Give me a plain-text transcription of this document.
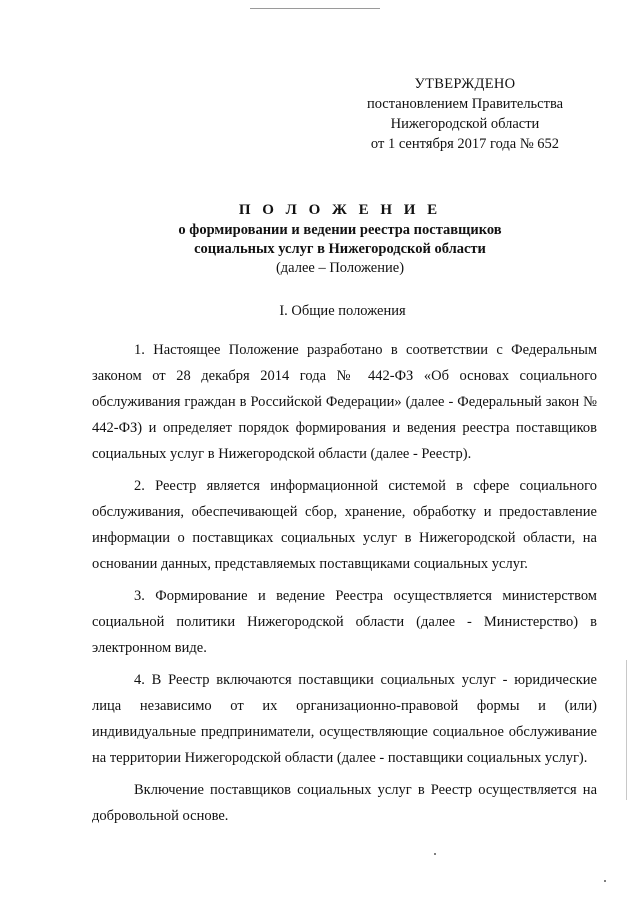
УТВЕРЖДЕНО
постановлением Правительства
Нижегородской области
от 1 сентября 2017 года № 652
П О Л О Ж Е Н И Е
о формировании и ведении реестра поставщиков
социальных услуг в Нижегородской области
(далее – Положение)
I. Общие положения

1. Настоящее Положение разработано в соответствии с Федеральным законом от 28 декабря 2014 года № 442-ФЗ «Об основах социального обслуживания граждан в Российской Федерации» (далее - Федеральный закон № 442-ФЗ) и определяет порядок формирования и ведения реестра поставщиков социальных услуг в Нижегородской области (далее - Реестр).

2. Реестр является информационной системой в сфере социального обслуживания, обеспечивающей сбор, хранение, обработку и предоставление информации о поставщиках социальных услуг в Нижегородской области, на основании данных, представляемых поставщиками социальных услуг.

3. Формирование и ведение Реестра осуществляется министерством социальной политики Нижегородской области (далее - Министерство) в электронном виде.

4. В Реестр включаются поставщики социальных услуг - юридические лица независимо от их организационно-правовой формы и (или) индивидуальные предприниматели, осуществляющие социальное обслуживание на территории Нижегородской области (далее - поставщики социальных услуг).

Включение поставщиков социальных услуг в Реестр осуществляется на добровольной основе.
